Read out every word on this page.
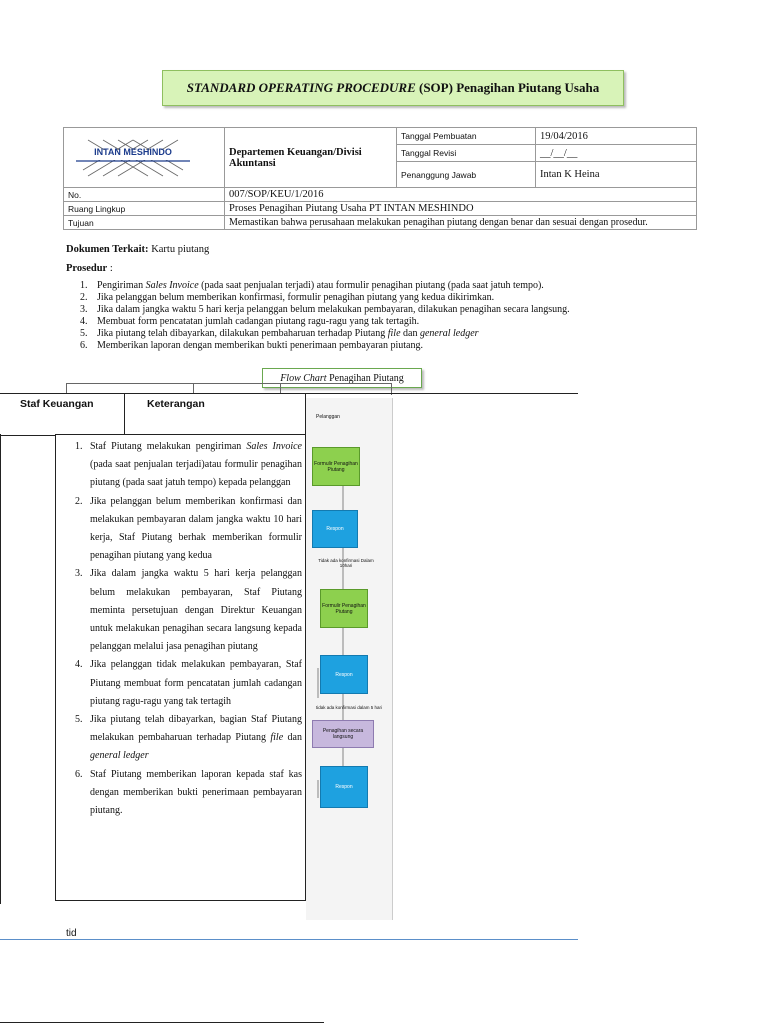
STANDARD OPERATING PROCEDURE (SOP) Penagihan Piutang Usaha
INTAN MESHINDO	Departemen Keuangan/Divisi Akuntansi	Tanggal Pembuatan	19/04/2016
		Tanggal Revisi	__/__/__
		Penanggung Jawab	Intan K Heina
No.	007/SOP/KEU/1/2016		
Ruang Lingkup	Proses Penagihan Piutang Usaha PT INTAN MESHINDO		
Tujuan	Memastikan bahwa perusahaan melakukan penagihan piutang dengan benar dan sesuai dengan prosedur.		
Dokumen Terkait: Kartu piutang
Prosedur :
1. Pengiriman Sales Invoice (pada saat penjualan terjadi) atau formulir penagihan piutang (pada saat jatuh tempo).
2. Jika pelanggan belum memberikan konfirmasi, formulir penagihan piutang yang kedua dikirimkan.
3. Jika dalam jangka waktu 5 hari kerja pelanggan belum melakukan pembayaran, dilakukan penagihan secara langsung.
4. Membuat form pencatatan jumlah cadangan piutang ragu-ragu yang tak tertagih.
5. Jika piutang telah dibayarkan, dilakukan pembaharuan terhadap Piutang file dan general ledger
6. Memberikan laporan dengan memberikan bukti penerimaan pembayaran piutang.
Flow Chart Penagihan Piutang
Pelanggan
Formulir Penagihan Piutang
Respon
Tidak ada konfirmasi Dalam 10hari
Formulir Penagihan Piutang
Respon
tidak ada konfirmasi dalam 5 hari
Penagihan secara langsung
Respon
Staf Keuangan	Keterangan
1. Staf Piutang melakukan pengiriman Sales Invoice (pada saat penjualan terjadi)atau formulir penagihan piutang (pada saat jatuh tempo) kepada pelanggan
2. Jika pelanggan belum memberikan konfirmasi dan melakukan pembayaran dalam jangka waktu 10 hari kerja, Staf Piutang berhak memberikan formulir penagihan piutang yang kedua
3. Jika dalam jangka waktu 5 hari kerja pelanggan belum melakukan pembayaran, Staf Piutang meminta persetujuan dengan Direktur Keuangan untuk melakukan penagihan secara langsung kepada pelanggan melalui jasa penagihan piutang
4. Jika pelanggan tidak melakukan pembayaran, Staf Piutang membuat form pencatatan jumlah cadangan piutang ragu-ragu yang tak tertagih
5. Jika piutang telah dibayarkan, bagian Staf Piutang melakukan pembaharuan terhadap Piutang file dan general ledger
6. Staf Piutang memberikan laporan kepada staf kas dengan memberikan bukti penerimaan pembayaran piutang.
tid
